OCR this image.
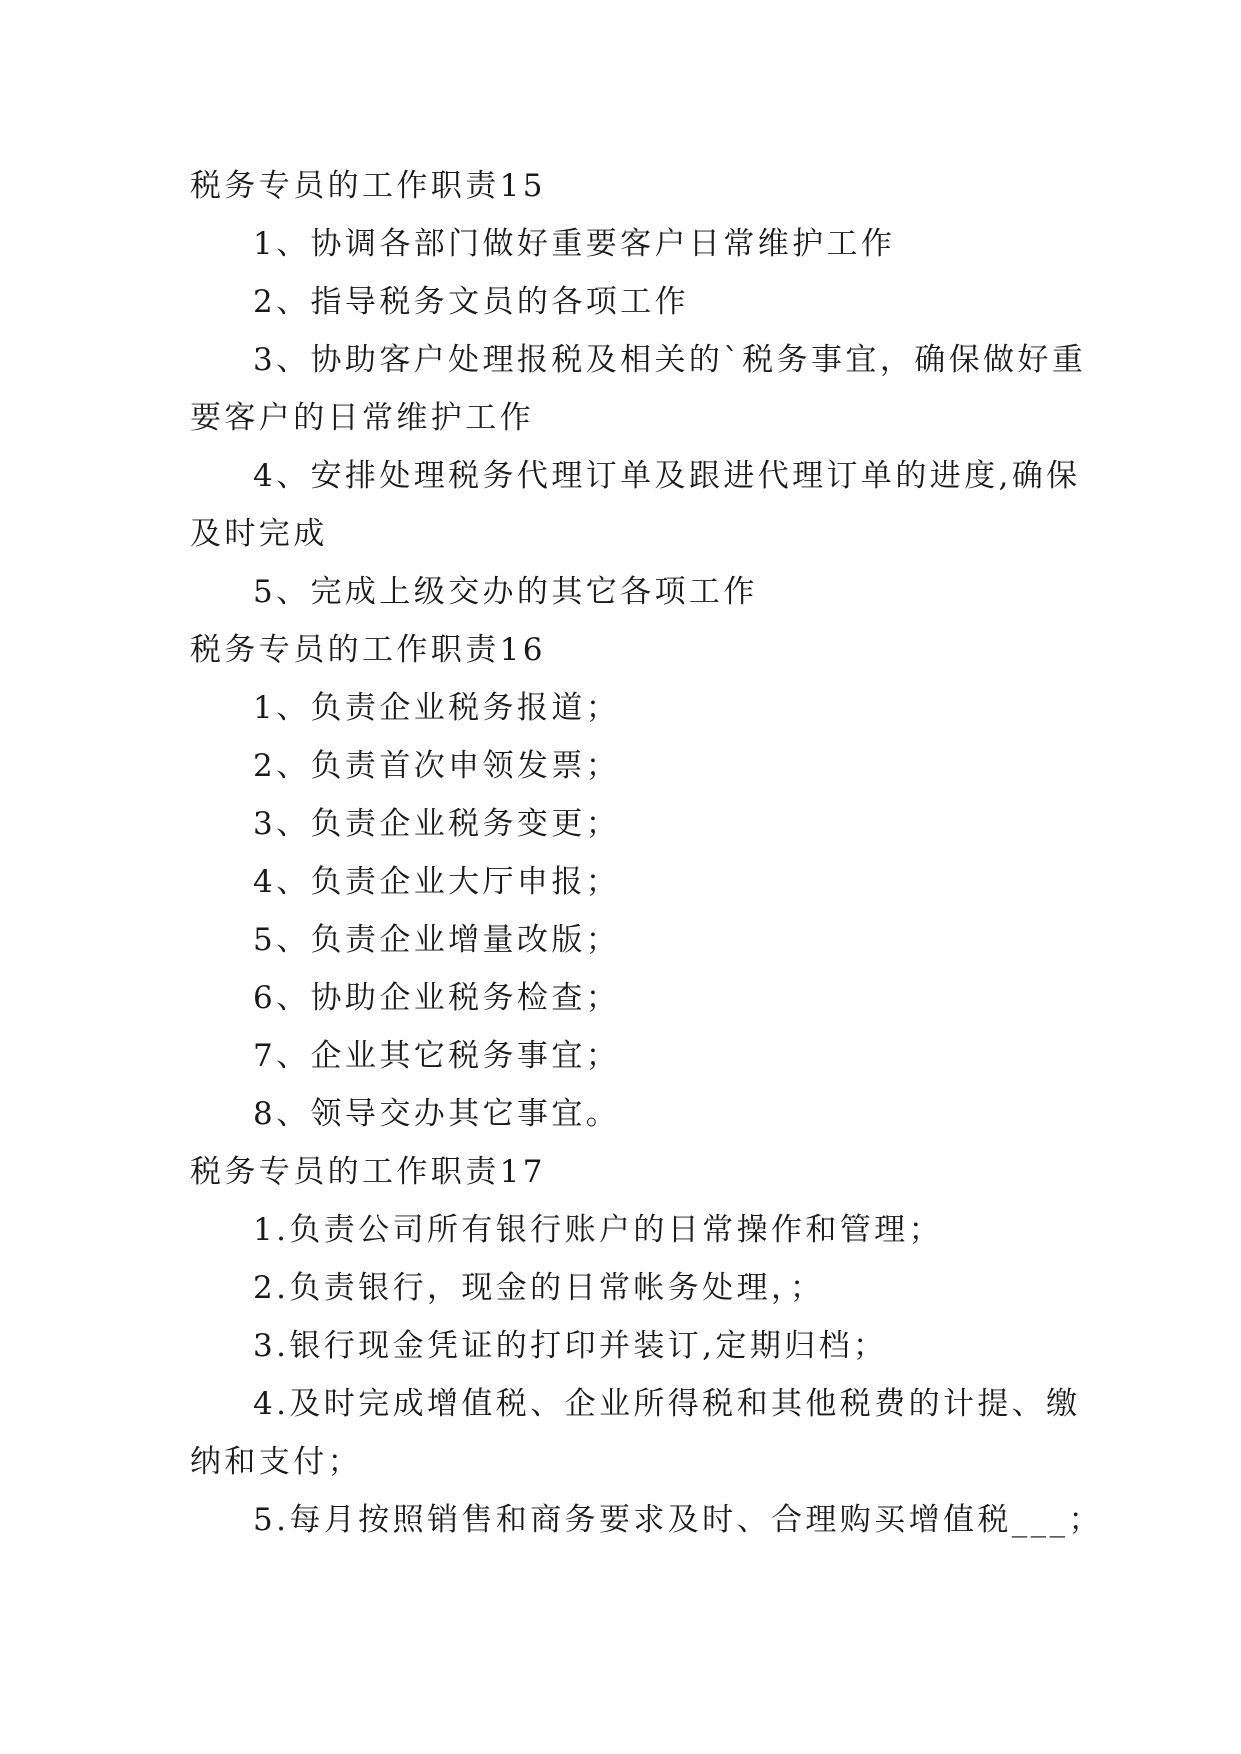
税务专员的工作职责15
1、协调各部门做好重要客户日常维护工作
2、指导税务文员的各项工作
3、协助客户处理报税及相关的`税务事宜，确保做好重
要客户的日常维护工作
4、安排处理税务代理订单及跟进代理订单的进度,确保
及时完成
5、完成上级交办的其它各项工作
税务专员的工作职责16
1、负责企业税务报道；
2、负责首次申领发票；
3、负责企业税务变更；
4、负责企业大厅申报；
5、负责企业增量改版；
6、协助企业税务检查；
7、企业其它税务事宜；
8、领导交办其它事宜。
税务专员的工作职责17
1.负责公司所有银行账户的日常操作和管理；
2.负责银行，现金的日常帐务处理，；
3.银行现金凭证的打印并装订,定期归档；
4.及时完成增值税、企业所得税和其他税费的计提、缴
纳和支付；
5.每月按照销售和商务要求及时、合理购买增值税___；
